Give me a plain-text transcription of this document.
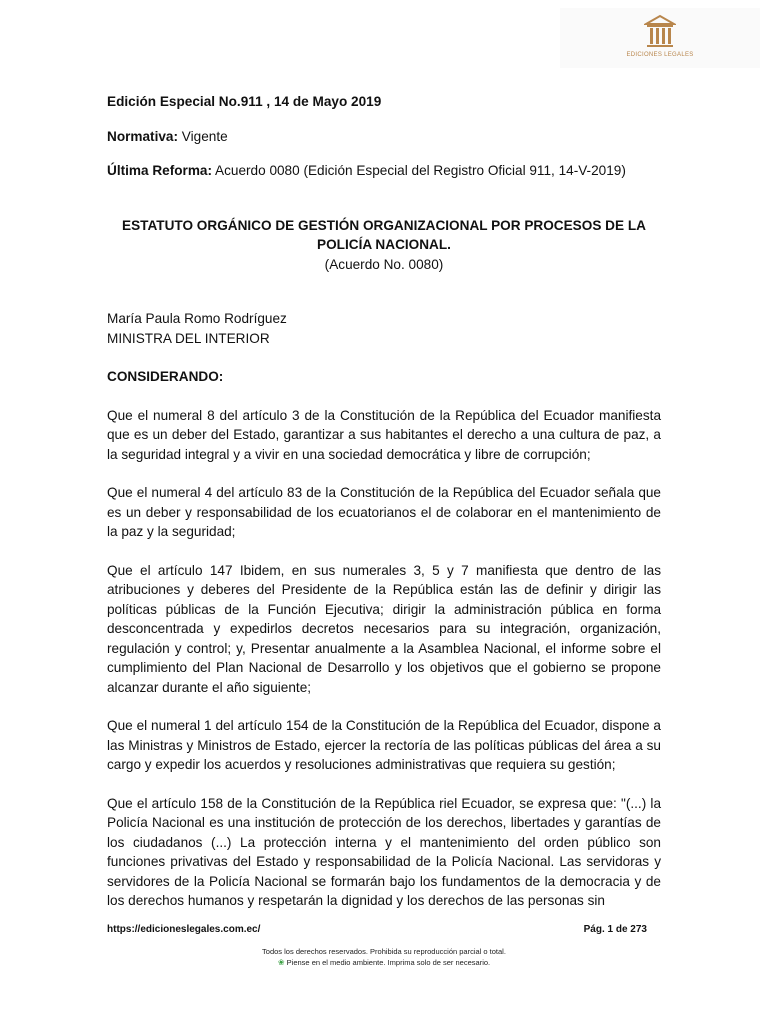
EDICIONES LEGALES
Edición Especial No.911 , 14 de Mayo 2019
Normativa: Vigente
Última Reforma: Acuerdo 0080 (Edición Especial del Registro Oficial 911, 14-V-2019)
ESTATUTO ORGÁNICO DE GESTIÓN ORGANIZACIONAL POR PROCESOS DE LA POLICÍA NACIONAL.
(Acuerdo No. 0080)
María Paula Romo Rodríguez
MINISTRA DEL INTERIOR
CONSIDERANDO:
Que el numeral 8 del artículo 3 de la Constitución de la República del Ecuador manifiesta que es un deber del Estado, garantizar a sus habitantes el derecho a una cultura de paz, a la seguridad integral y a vivir en una sociedad democrática y libre de corrupción;
Que el numeral 4 del artículo 83 de la Constitución de la República del Ecuador señala que es un deber y responsabilidad de los ecuatorianos el de colaborar en el mantenimiento de la paz y la seguridad;
Que el artículo 147 Ibidem, en sus numerales 3, 5 y 7 manifiesta que dentro de las atribuciones y deberes del Presidente de la República están las de definir y dirigir las políticas públicas de la Función Ejecutiva; dirigir la administración pública en forma desconcentrada y expedirlos decretos necesarios para su integración, organización, regulación y control; y, Presentar anualmente a la Asamblea Nacional, el informe sobre el cumplimiento del Plan Nacional de Desarrollo y los objetivos que el gobierno se propone alcanzar durante el año siguiente;
Que el numeral 1 del artículo 154 de la Constitución de la República del Ecuador, dispone a las Ministras y Ministros de Estado, ejercer la rectoría de las políticas públicas del área a su cargo y expedir los acuerdos y resoluciones administrativas que requiera su gestión;
Que el artículo 158 de la Constitución de la República riel Ecuador, se expresa que: "(...) la Policía Nacional es una institución de protección de los derechos, libertades y garantías de los ciudadanos (...) La protección interna y el mantenimiento del orden público son funciones privativas del Estado y responsabilidad de la Policía Nacional. Las servidoras y servidores de la Policía Nacional se formarán bajo los fundamentos de la democracia y de los derechos humanos y respetarán la dignidad y los derechos de las personas sin
https://edicioneslegales.com.ec/	Pág. 1 de 273
Todos los derechos reservados. Prohibida su reproducción parcial o total.
❀ Piense en el medio ambiente. Imprima solo de ser necesario.
